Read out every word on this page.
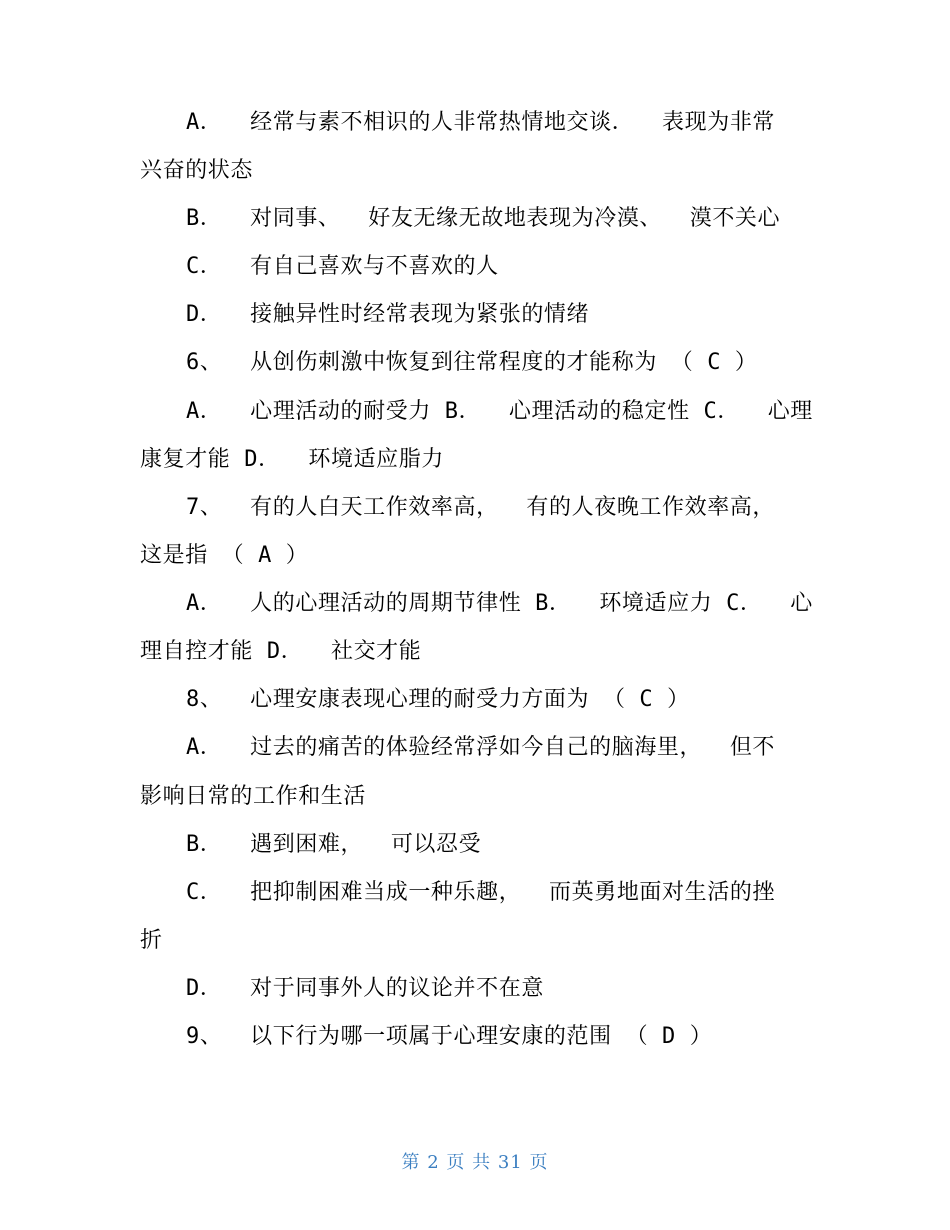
A．  经常与素不相识的人非常热情地交谈．  表现为非常
兴奋的状态
B．  对同事、  好友无缘无故地表现为冷漠、  漠不关心
C．  有自己喜欢与不喜欢的人
D．  接触异性时经常表现为紧张的情绪
6、  从创伤刺激中恢复到往常程度的才能称为 （ C ）
A．  心理活动的耐受力 B．  心理活动的稳定性 C．  心理
康复才能 D．  环境适应脂力
7、  有的人白天工作效率高，  有的人夜晚工作效率高，
这是指 （ A ）
A．  人的心理活动的周期节律性 B．  环境适应力 C．  心
理自控才能 D．  社交才能
8、  心理安康表现心理的耐受力方面为 （ C ）
A．  过去的痛苦的体验经常浮如今自己的脑海里，  但不
影响日常的工作和生活
B．  遇到困难，  可以忍受
C．  把抑制困难当成一种乐趣，  而英勇地面对生活的挫
折
D．  对于同事外人的议论并不在意
9、  以下行为哪一项属于心理安康的范围 （ D ）
第 2 页 共 31 页
